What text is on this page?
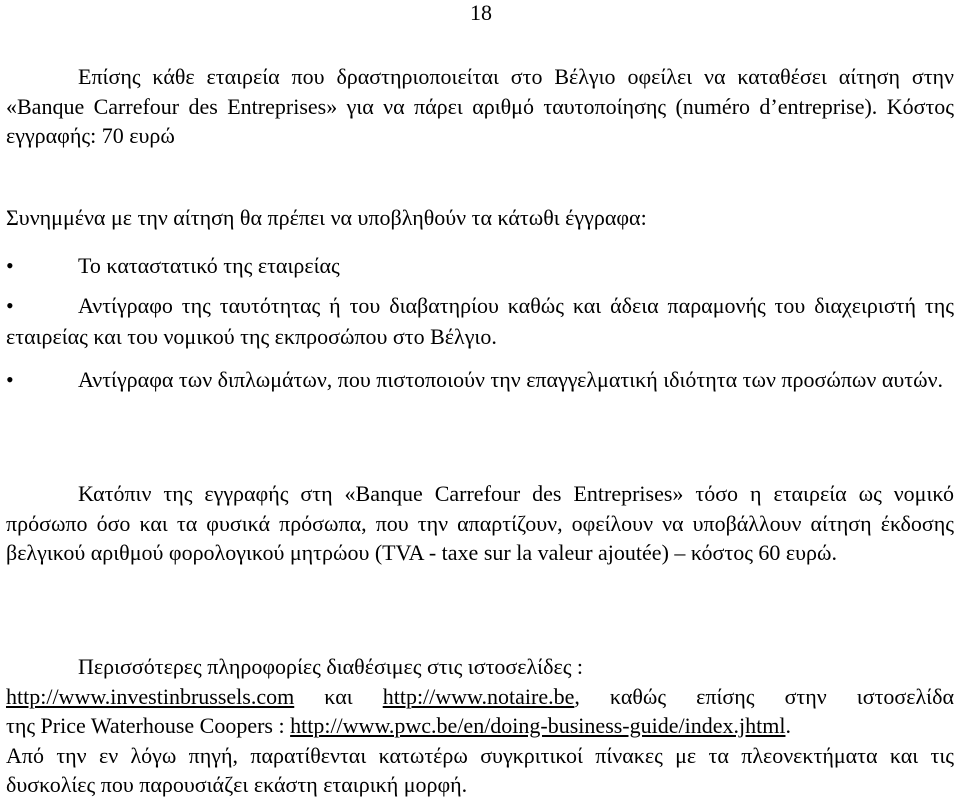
18

Επίσης κάθε εταιρεία που δραστηριοποιείται στο Βέλγιο οφείλει να καταθέσει αίτηση στην «Banque Carrefour des Entreprises» για να πάρει αριθμό ταυτοποίησης (numéro d’entreprise). Κόστος εγγραφής: 70 ευρώ

Συνημμένα με την αίτηση θα πρέπει να υποβληθούν τα κάτωθι έγγραφα:

•	Το καταστατικό της εταιρείας
•	Αντίγραφο της ταυτότητας ή του διαβατηρίου καθώς και άδεια παραμονής του διαχειριστή της εταιρείας και του νομικού της εκπροσώπου στο Βέλγιο.
•	Αντίγραφα των διπλωμάτων, που πιστοποιούν την επαγγελματική ιδιότητα των προσώπων αυτών.

Κατόπιν της εγγραφής στη «Banque Carrefour des Entreprises» τόσο η εταιρεία ως νομικό πρόσωπο όσο και τα φυσικά πρόσωπα, που την απαρτίζουν, οφείλουν να υποβάλλουν αίτηση έκδοσης βελγικού αριθμού φορολογικού μητρώου (TVA - taxe sur la valeur ajoutée) – κόστος 60 ευρώ.

Περισσότερες πληροφορίες διαθέσιμες στις ιστοσελίδες :
http://www.investinbrussels.com και http://www.notaire.be, καθώς επίσης στην ιστοσελίδα
της Price Waterhouse Coopers : http://www.pwc.be/en/doing-business-guide/index.jhtml.
Από την εν λόγω πηγή, παρατίθενται κατωτέρω συγκριτικοί πίνακες με τα πλεονεκτήματα και τις δυσκολίες που παρουσιάζει εκάστη εταιρική μορφή.
